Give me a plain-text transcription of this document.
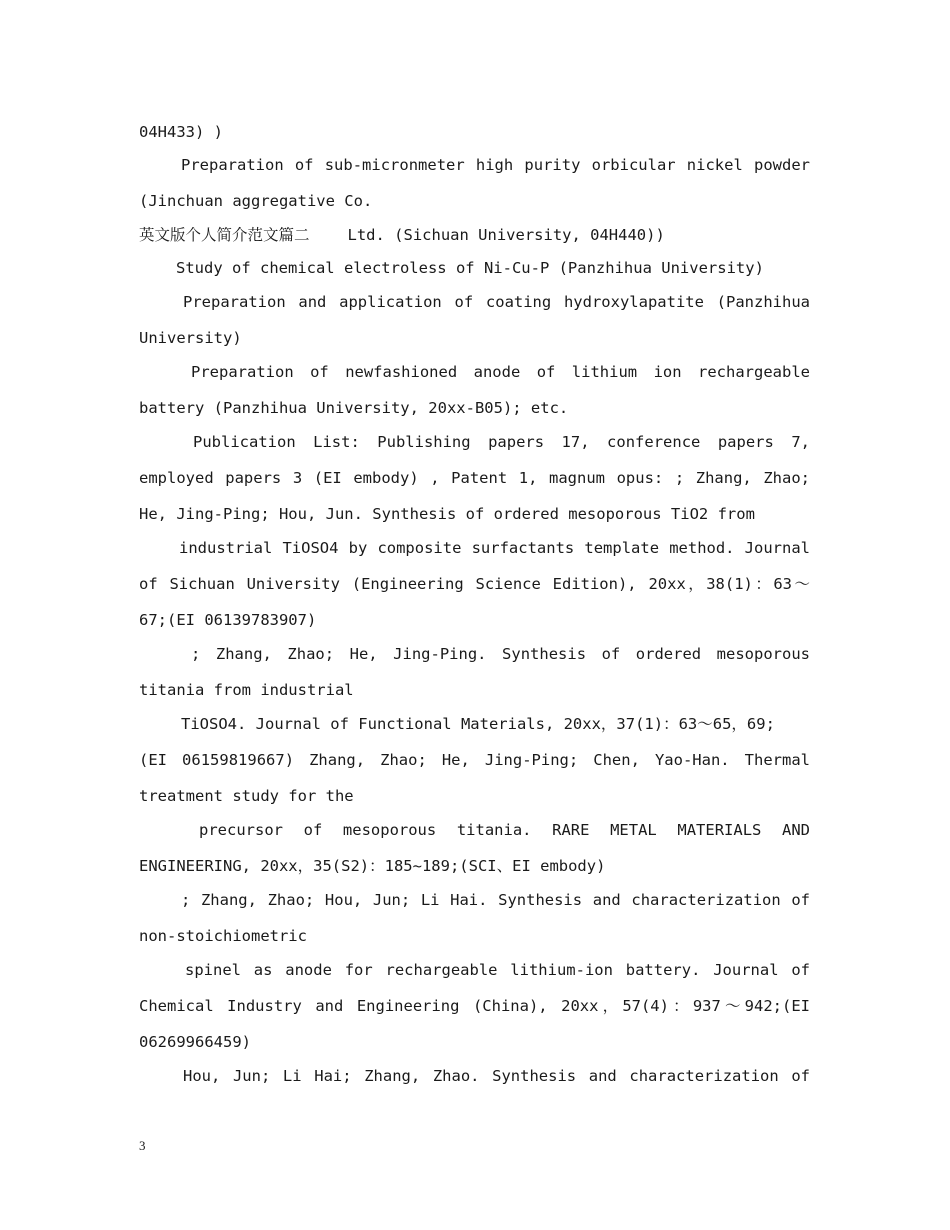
04H433) )

Preparation of sub-micronmeter high purity orbicular nickel powder

(Jinchuan aggregative Co.

英文版个人简介范文篇二 Ltd. (Sichuan University, 04H440))

Study of chemical electroless of Ni-Cu-P (Panzhihua University)

Preparation and application of coating hydroxylapatite (Panzhihua

University)

Preparation of newfashioned anode of lithium ion rechargeable

battery (Panzhihua University, 20xx-B05); etc.

Publication List: Publishing papers 17, conference papers 7,

employed papers 3 (EI embody) , Patent 1, magnum opus: ; Zhang, Zhao;

He, Jing-Ping; Hou, Jun. Synthesis of ordered mesoporous TiO2 from

industrial TiOSO4 by composite surfactants template method. Journal

of Sichuan University (Engineering Science Edition), 20xx，38(1)：63～

67;(EI 06139783907)

; Zhang, Zhao; He, Jing-Ping. Synthesis of ordered mesoporous

titania from industrial

TiOSO4. Journal of Functional Materials, 20xx，37(1)：63～65，69;

(EI 06159819667) Zhang, Zhao; He, Jing-Ping; Chen, Yao-Han. Thermal

treatment study for the

precursor of mesoporous titania. RARE METAL MATERIALS AND

ENGINEERING, 20xx，35(S2)：185~189;(SCI、EI embody)

; Zhang, Zhao; Hou, Jun; Li Hai. Synthesis and characterization of

non-stoichiometric

spinel as anode for rechargeable lithium-ion battery. Journal of

Chemical Industry and Engineering (China), 20xx，57(4)：937～942;(EI

06269966459)

Hou, Jun; Li Hai; Zhang, Zhao. Synthesis and characterization of

3
